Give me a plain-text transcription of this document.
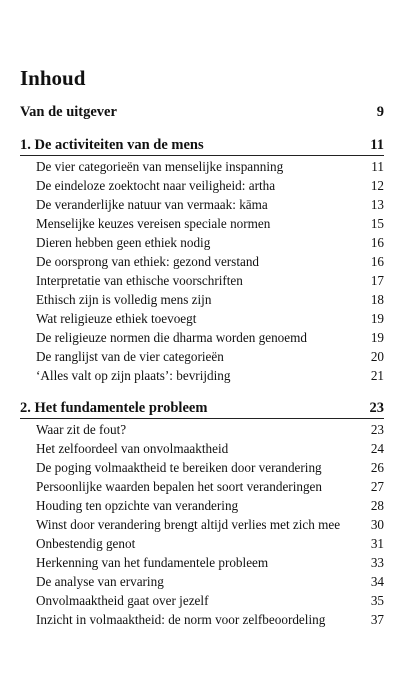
Inhoud
Van de uitgever	9
1. De activiteiten van de mens	11
De vier categorieën van menselijke inspanning	11
De eindeloze zoektocht naar veiligheid: artha	12
De veranderlijke natuur van vermaak: kāma	13
Menselijke keuzes vereisen speciale normen	15
Dieren hebben geen ethiek nodig	16
De oorsprong van ethiek: gezond verstand	16
Interpretatie van ethische voorschriften	17
Ethisch zijn is volledig mens zijn	18
Wat religieuze ethiek toevoegt	19
De religieuze normen die dharma worden genoemd	19
De ranglijst van de vier categorieën	20
‘Alles valt op zijn plaats’: bevrijding	21
2. Het fundamentele probleem	23
Waar zit de fout?	23
Het zelfoordeel van onvolmaaktheid	24
De poging volmaaktheid te bereiken door verandering	26
Persoonlijke waarden bepalen het soort veranderingen	27
Houding ten opzichte van verandering	28
Winst door verandering brengt altijd verlies met zich mee	30
Onbestendig genot	31
Herkenning van het fundamentele probleem	33
De analyse van ervaring	34
Onvolmaaktheid gaat over jezelf	35
Inzicht in volmaaktheid: de norm voor zelfbeoordeling	37
